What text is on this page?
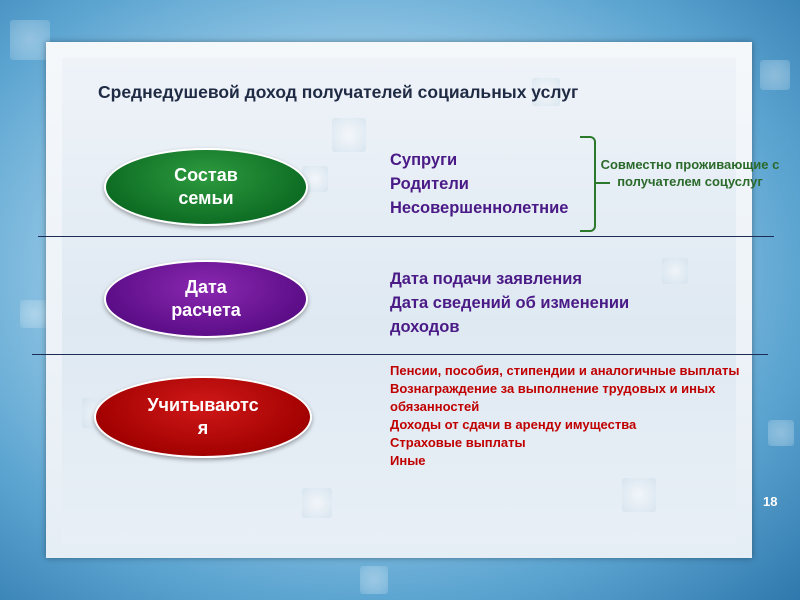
Среднедушевой доход получателей социальных услуг
Состав
семьи
Супруги
Родители
Несовершеннолетние
Совместно проживающие с получателем соцуслуг
Дата
расчета
Дата подачи заявления
Дата сведений об изменении доходов
Учитываютс
я
Пенсии, пособия, стипендии и аналогичные выплаты
Вознаграждение за выполнение трудовых и иных обязанностей
Доходы от сдачи в аренду имущества
Страховые выплаты
Иные
18
